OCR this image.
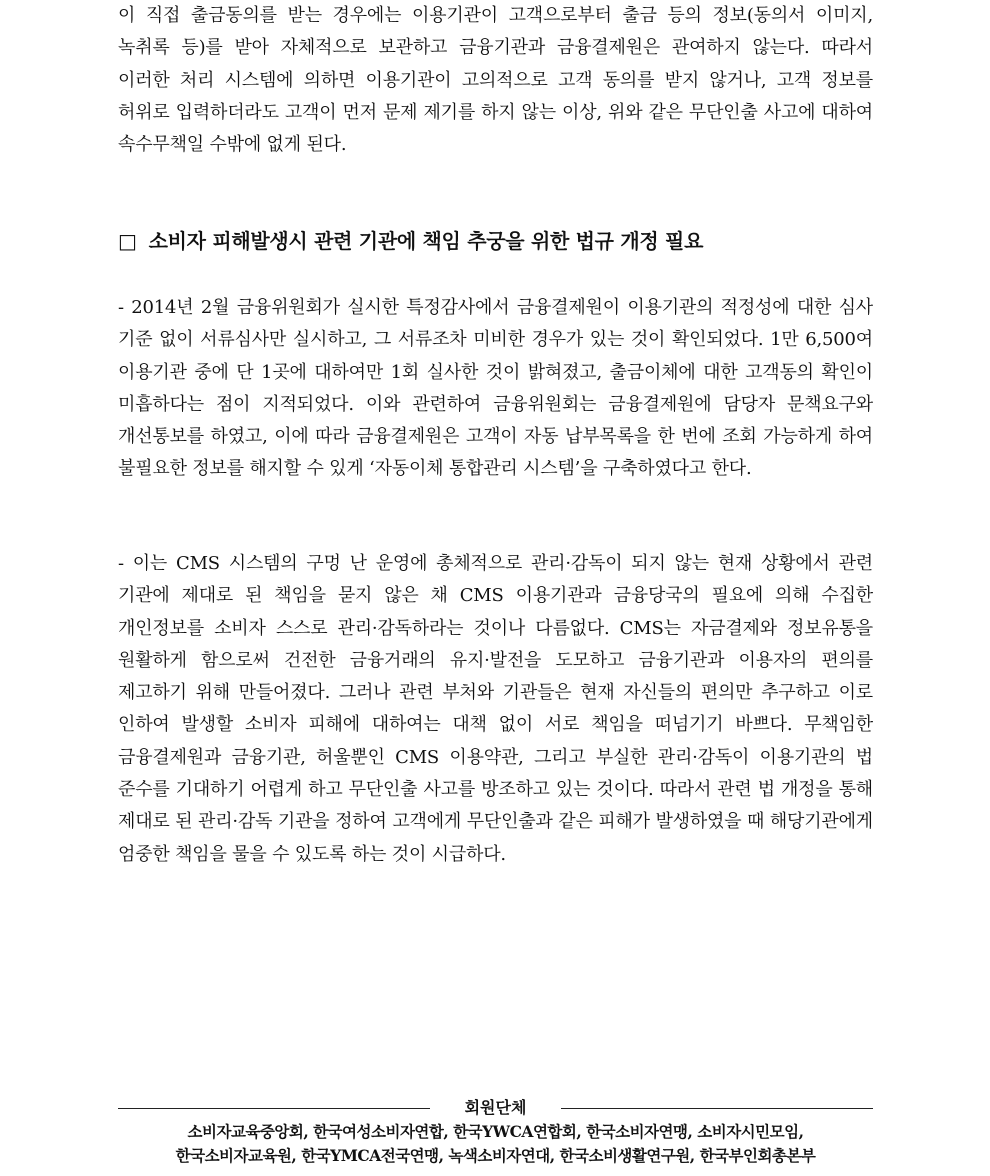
이 직접 출금동의를 받는 경우에는 이용기관이 고객으로부터 출금 등의 정보(동의서 이미지, 녹취록 등)를 받아 자체적으로 보관하고 금융기관과 금융결제원은 관여하지 않는다. 따라서 이러한 처리 시스템에 의하면 이용기관이 고의적으로 고객 동의를 받지 않거나, 고객 정보를 허위로 입력하더라도 고객이 먼저 문제 제기를 하지 않는 이상, 위와 같은 무단인출 사고에 대하여 속수무책일 수밖에 없게 된다.

□ 소비자 피해발생시 관련 기관에 책임 추궁을 위한 법규 개정 필요

- 2014년 2월 금융위원회가 실시한 특정감사에서 금융결제원이 이용기관의 적정성에 대한 심사 기준 없이 서류심사만 실시하고, 그 서류조차 미비한 경우가 있는 것이 확인되었다. 1만 6,500여 이용기관 중에 단 1곳에 대하여만 1회 실사한 것이 밝혀졌고, 출금이체에 대한 고객동의 확인이 미흡하다는 점이 지적되었다. 이와 관련하여 금융위원회는 금융결제원에 담당자 문책요구와 개선통보를 하였고, 이에 따라 금융결제원은 고객이 자동 납부목록을 한 번에 조회 가능하게 하여 불필요한 정보를 해지할 수 있게 ‘자동이체 통합관리 시스템’을 구축하였다고 한다.

- 이는 CMS 시스템의 구멍 난 운영에 총체적으로 관리·감독이 되지 않는 현재 상황에서 관련 기관에 제대로 된 책임을 묻지 않은 채 CMS 이용기관과 금융당국의 필요에 의해 수집한 개인정보를 소비자 스스로 관리·감독하라는 것이나 다름없다. CMS는 자금결제와 정보유통을 원활하게 함으로써 건전한 금융거래의 유지·발전을 도모하고 금융기관과 이용자의 편의를 제고하기 위해 만들어졌다. 그러나 관련 부처와 기관들은 현재 자신들의 편의만 추구하고 이로 인하여 발생할 소비자 피해에 대하여는 대책 없이 서로 책임을 떠넘기기 바쁘다. 무책임한 금융결제원과 금융기관, 허울뿐인 CMS 이용약관, 그리고 부실한 관리·감독이 이용기관의 법 준수를 기대하기 어렵게 하고 무단인출 사고를 방조하고 있는 것이다. 따라서 관련 법 개정을 통해 제대로 된 관리·감독 기관을 정하여 고객에게 무단인출과 같은 피해가 발생하였을 때 해당기관에게 엄중한 책임을 물을 수 있도록 하는 것이 시급하다.

회원단체
소비자교육중앙회, 한국여성소비자연합, 한국YWCA연합회, 한국소비자연맹, 소비자시민모임,
한국소비자교육원, 한국YMCA전국연맹, 녹색소비자연대, 한국소비생활연구원, 한국부인회총본부
